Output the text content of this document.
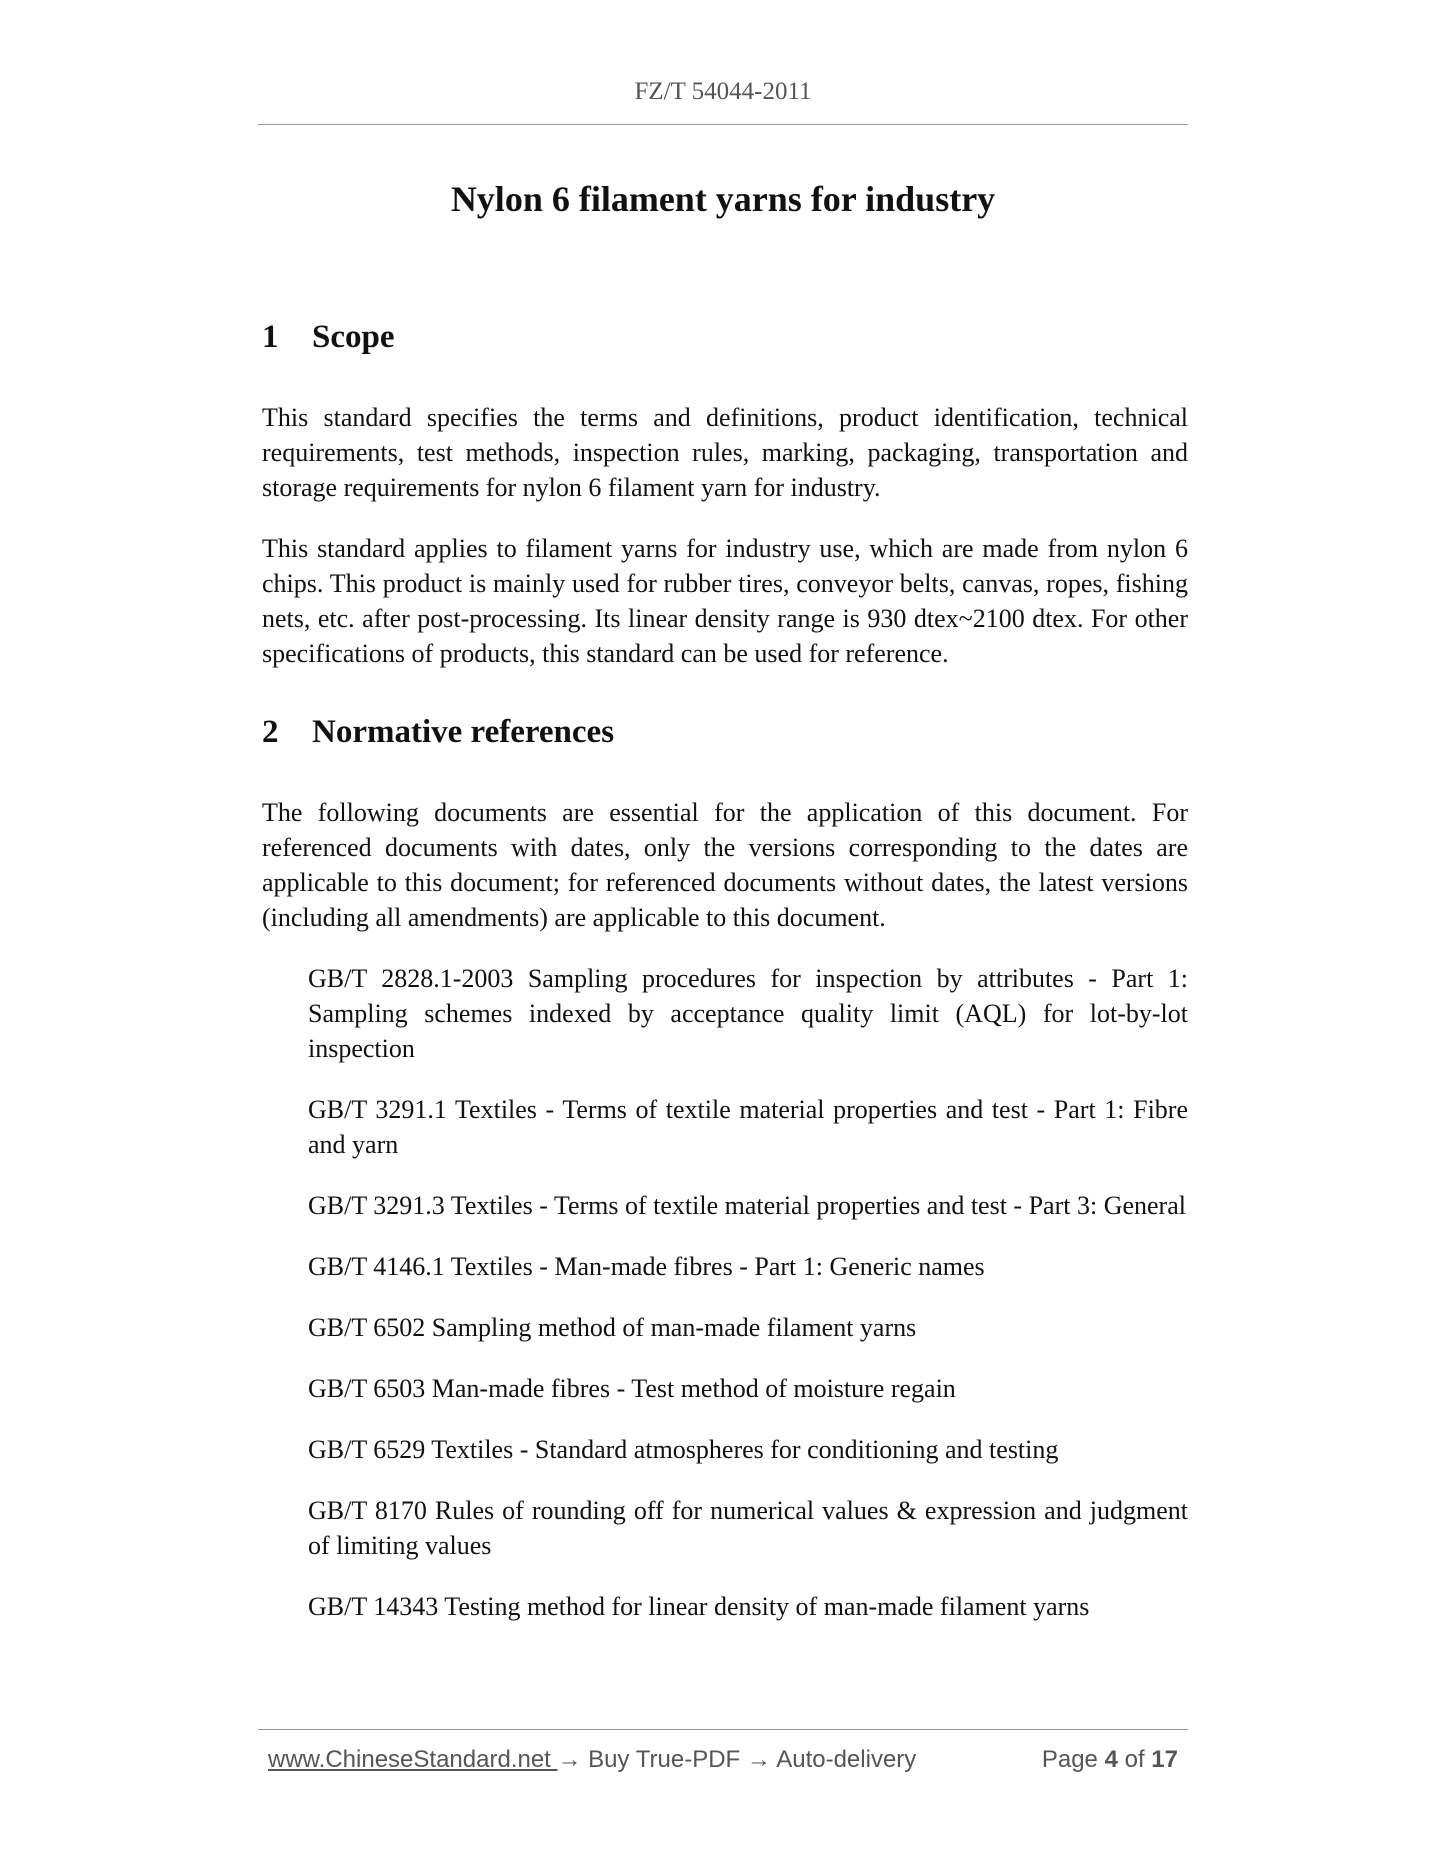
FZ/T 54044-2011
Nylon 6 filament yarns for industry
1	Scope

This standard specifies the terms and definitions, product identification, technical requirements, test methods, inspection rules, marking, packaging, transportation and storage requirements for nylon 6 filament yarn for industry.

This standard applies to filament yarns for industry use, which are made from nylon 6 chips. This product is mainly used for rubber tires, conveyor belts, canvas, ropes, fishing nets, etc. after post-processing. Its linear density range is 930 dtex~2100 dtex. For other specifications of products, this standard can be used for reference.

2	Normative references

The following documents are essential for the application of this document. For referenced documents with dates, only the versions corresponding to the dates are applicable to this document; for referenced documents without dates, the latest versions (including all amendments) are applicable to this document.

GB/T 2828.1-2003 Sampling procedures for inspection by attributes - Part 1: Sampling schemes indexed by acceptance quality limit (AQL) for lot-by-lot inspection

GB/T 3291.1 Textiles - Terms of textile material properties and test - Part 1: Fibre and yarn

GB/T 3291.3 Textiles - Terms of textile material properties and test - Part 3: General

GB/T 4146.1 Textiles - Man-made fibres - Part 1: Generic names

GB/T 6502 Sampling method of man-made filament yarns

GB/T 6503 Man-made fibres - Test method of moisture regain

GB/T 6529 Textiles - Standard atmospheres for conditioning and testing

GB/T 8170 Rules of rounding off for numerical values & expression and judgment of limiting values

GB/T 14343 Testing method for linear density of man-made filament yarns

www.ChineseStandard.net → Buy True-PDF → Auto-delivery	Page 4 of 17
